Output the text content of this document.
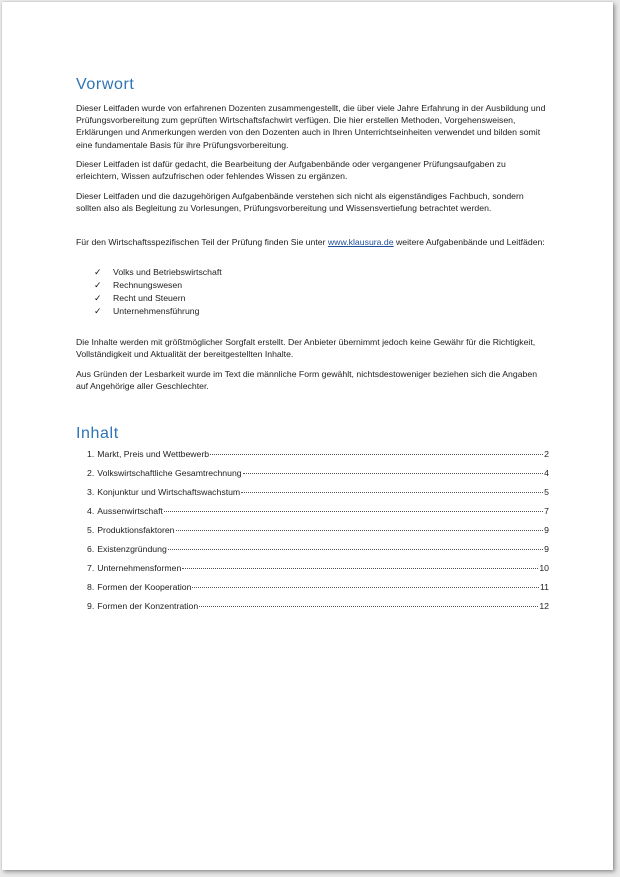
Vorwort

Dieser Leitfaden wurde von erfahrenen Dozenten zusammengestellt, die über viele Jahre Erfahrung in der Ausbildung und Prüfungsvorbereitung zum geprüften Wirtschaftsfachwirt verfügen. Die hier erstellen Methoden, Vorgehensweisen, Erklärungen und Anmerkungen werden von den Dozenten auch in Ihren Unterrichtseinheiten verwendet und bilden somit eine fundamentale Basis für ihre Prüfungsvorbereitung.

Dieser Leitfaden ist dafür gedacht, die Bearbeitung der Aufgabenbände oder vergangener Prüfungsaufgaben zu erleichtern, Wissen aufzufrischen oder fehlendes Wissen zu ergänzen.

Dieser Leitfaden und die dazugehörigen Aufgabenbände verstehen sich nicht als eigenständiges Fachbuch, sondern sollten also als Begleitung zu Vorlesungen, Prüfungsvorbereitung und Wissensvertiefung betrachtet werden.

Für den Wirtschaftsspezifischen Teil der Prüfung finden Sie unter www.klausura.de weitere Aufgabenbände und Leitfäden:

✓	Volks und Betriebswirtschaft
✓	Rechnungswesen
✓	Recht und Steuern
✓	Unternehmensführung

Die Inhalte werden mit größtmöglicher Sorgfalt erstellt. Der Anbieter übernimmt jedoch keine Gewähr für die Richtigkeit, Vollständigkeit und Aktualität der bereitgestellten Inhalte.

Aus Gründen der Lesbarkeit wurde im Text die männliche Form gewählt, nichtsdestoweniger beziehen sich die Angaben auf Angehörige aller Geschlechter.

Inhalt
1. Markt, Preis und Wettbewerb	2
2. Volkswirtschaftliche Gesamtrechnung	4
3. Konjunktur und Wirtschaftswachstum	5
4. Aussenwirtschaft	7
5. Produktionsfaktoren	9
6. Existenzgründung	9
7. Unternehmensformen	10
8. Formen der Kooperation	11
9. Formen der Konzentration	12
